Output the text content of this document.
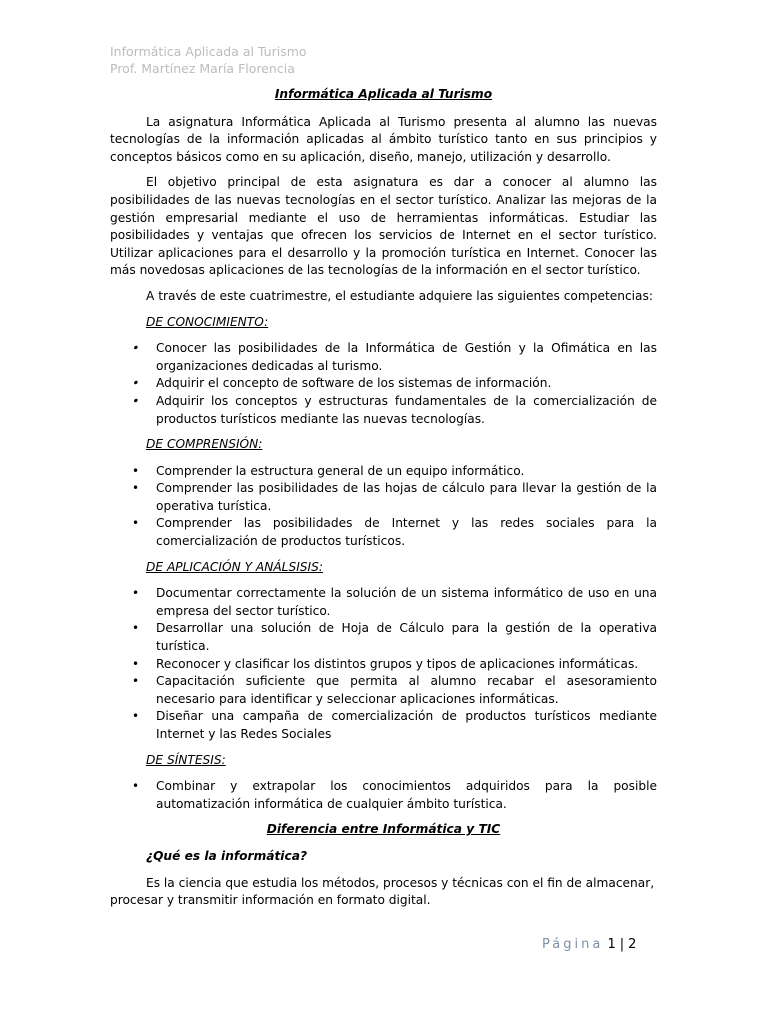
Informática Aplicada al Turismo
Prof. Martínez María Florencia
Informática Aplicada al Turismo

La asignatura Informática Aplicada al Turismo presenta al alumno las nuevas tecnologías de la información aplicadas al ámbito turístico tanto en sus principios y conceptos básicos como en su aplicación, diseño, manejo, utilización y desarrollo.

El objetivo principal de esta asignatura es dar a conocer al alumno las posibilidades de las nuevas tecnologías en el sector turístico. Analizar las mejoras de la gestión empresarial mediante el uso de herramientas informáticas. Estudiar las posibilidades y ventajas que ofrecen los servicios de Internet en el sector turístico. Utilizar aplicaciones para el desarrollo y la promoción turística en Internet. Conocer las más novedosas aplicaciones de las tecnologías de la información en el sector turístico.

A través de este cuatrimestre, el estudiante adquiere las siguientes competencias:

DE CONOCIMIENTO:
• Conocer las posibilidades de la Informática de Gestión y la Ofimática en las organizaciones dedicadas al turismo.
• Adquirir el concepto de software de los sistemas de información.
• Adquirir los conceptos y estructuras fundamentales de la comercialización de productos turísticos mediante las nuevas tecnologías.
DE COMPRENSIÓN:
• Comprender la estructura general de un equipo informático.
• Comprender las posibilidades de las hojas de cálculo para llevar la gestión de la operativa turística.
• Comprender las posibilidades de Internet y las redes sociales para la comercialización de productos turísticos.
DE APLICACIÓN Y ANÁLSISIS:
• Documentar correctamente la solución de un sistema informático de uso en una empresa del sector turístico.
• Desarrollar una solución de Hoja de Cálculo para la gestión de la operativa turística.
• Reconocer y clasificar los distintos grupos y tipos de aplicaciones informáticas.
• Capacitación suficiente que permita al alumno recabar el asesoramiento necesario para identificar y seleccionar aplicaciones informáticas.
• Diseñar una campaña de comercialización de productos turísticos mediante Internet y las Redes Sociales
DE SÍNTESIS:
• Combinar y extrapolar los conocimientos adquiridos para la posible automatización informática de cualquier ámbito turística.
Diferencia entre Informática y TIC
¿Qué es la informática?

Es la ciencia que estudia los métodos, procesos y técnicas con el fin de almacenar, procesar y transmitir información en formato digital.

Página 1 | 2
